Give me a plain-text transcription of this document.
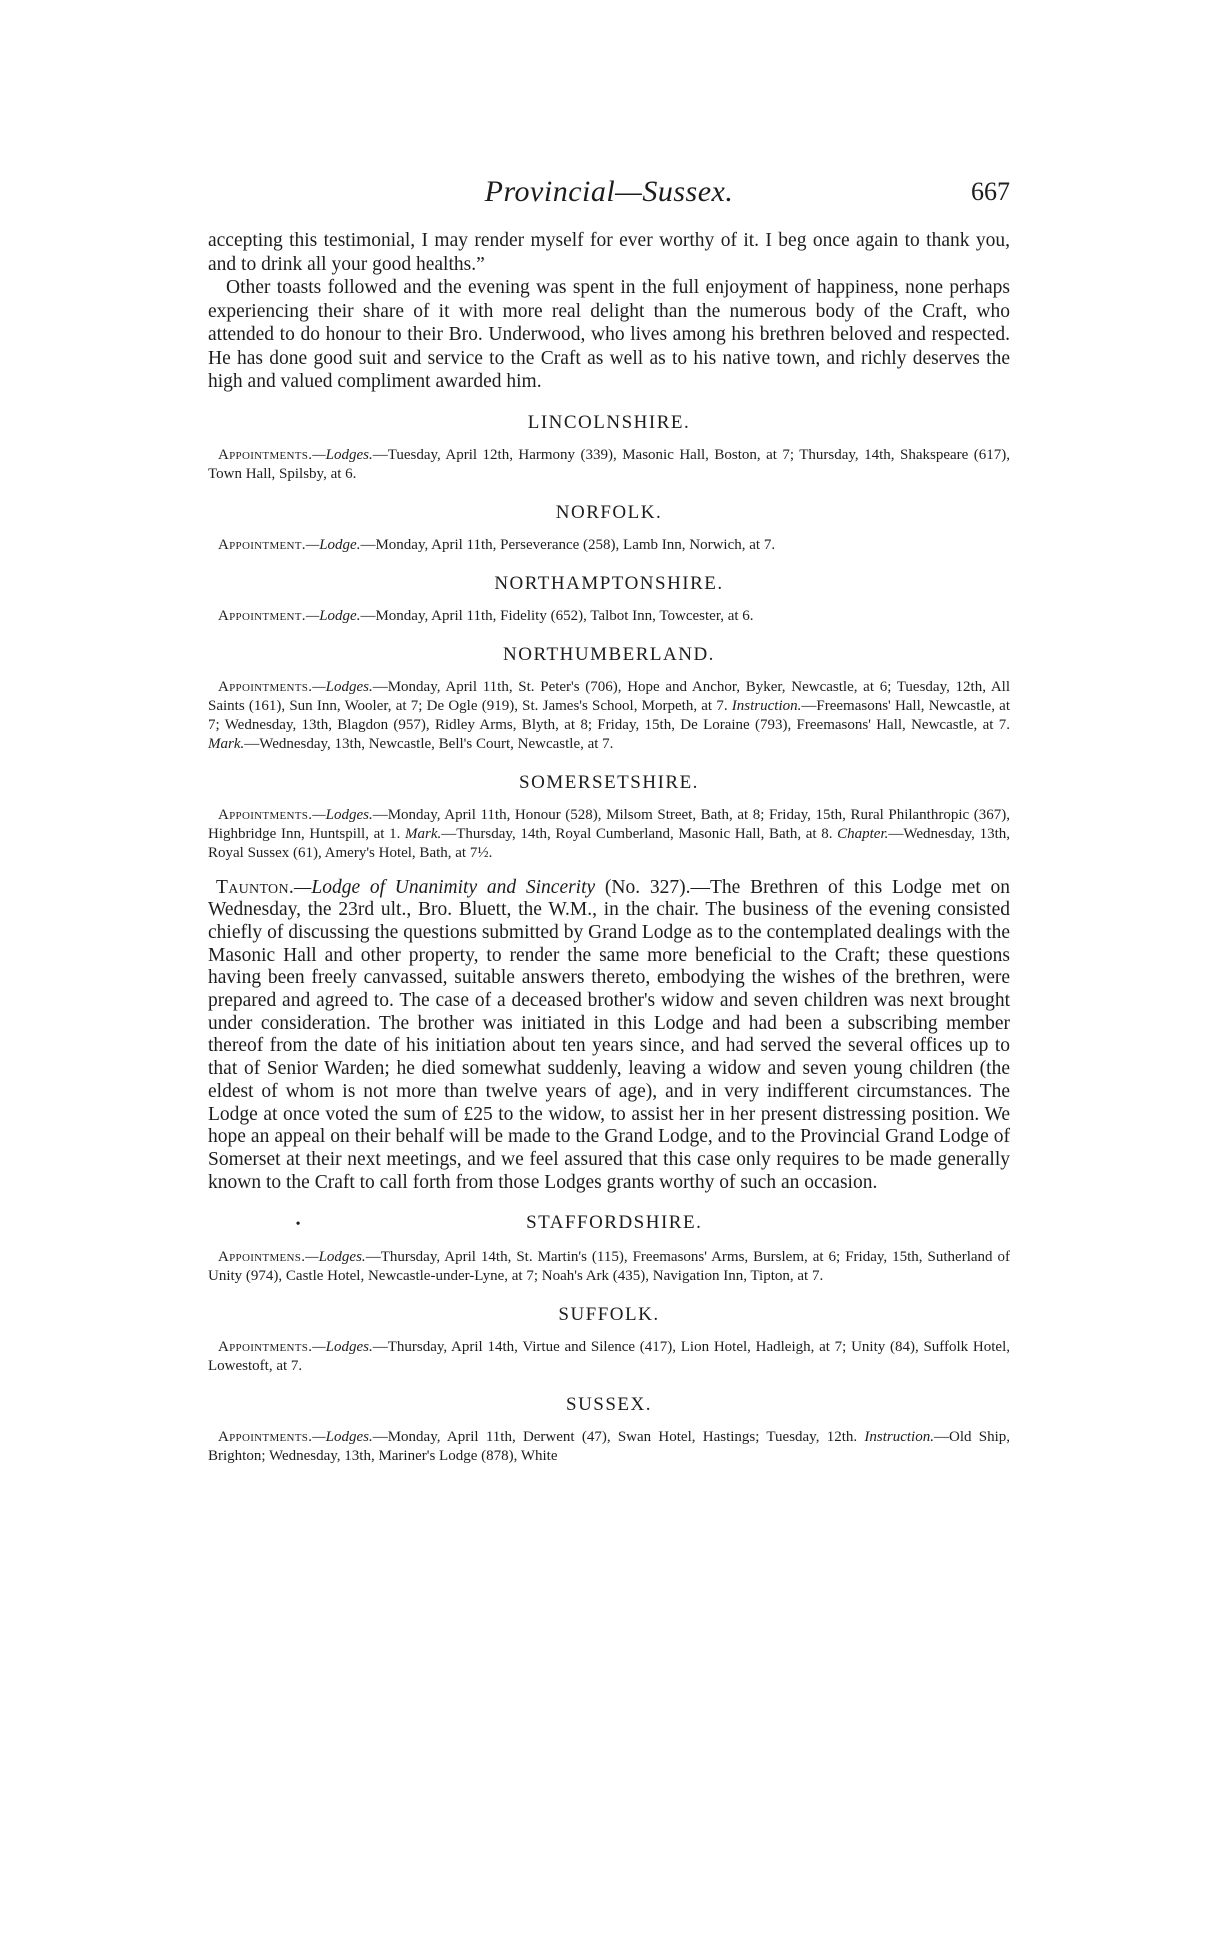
Provincial—Sussex.	667

accepting this testimonial, I may render myself for ever worthy of it. I beg once again to thank you, and to drink all your good healths.”

Other toasts followed and the evening was spent in the full enjoyment of happiness, none perhaps experiencing their share of it with more real delight than the numerous body of the Craft, who attended to do honour to their Bro. Underwood, who lives among his brethren beloved and respected. He has done good suit and service to the Craft as well as to his native town, and richly deserves the high and valued compliment awarded him.

LINCOLNSHIRE.

Appointments.—Lodges.—Tuesday, April 12th, Harmony (339), Masonic Hall, Boston, at 7; Thursday, 14th, Shakspeare (617), Town Hall, Spilsby, at 6.

NORFOLK.

Appointment.—Lodge.—Monday, April 11th, Perseverance (258), Lamb Inn, Norwich, at 7.

NORTHAMPTONSHIRE.

Appointment.—Lodge.—Monday, April 11th, Fidelity (652), Talbot Inn, Towcester, at 6.

NORTHUMBERLAND.

Appointments.—Lodges.—Monday, April 11th, St. Peter's (706), Hope and Anchor, Byker, Newcastle, at 6; Tuesday, 12th, All Saints (161), Sun Inn, Wooler, at 7; De Ogle (919), St. James's School, Morpeth, at 7. Instruction.—Freemasons' Hall, Newcastle, at 7; Wednesday, 13th, Blagdon (957), Ridley Arms, Blyth, at 8; Friday, 15th, De Loraine (793), Freemasons' Hall, Newcastle, at 7. Mark.—Wednesday, 13th, Newcastle, Bell's Court, Newcastle, at 7.

SOMERSETSHIRE.

Appointments.—Lodges.—Monday, April 11th, Honour (528), Milsom Street, Bath, at 8; Friday, 15th, Rural Philanthropic (367), Highbridge Inn, Huntspill, at 1. Mark.—Thursday, 14th, Royal Cumberland, Masonic Hall, Bath, at 8. Chapter.—Wednesday, 13th, Royal Sussex (61), Amery's Hotel, Bath, at 7½.

Taunton.—Lodge of Unanimity and Sincerity (No. 327).—The Brethren of this Lodge met on Wednesday, the 23rd ult., Bro. Bluett, the W.M., in the chair. The business of the evening consisted chiefly of discussing the questions submitted by Grand Lodge as to the contemplated dealings with the Masonic Hall and other property, to render the same more beneficial to the Craft; these questions having been freely canvassed, suitable answers thereto, embodying the wishes of the brethren, were prepared and agreed to. The case of a deceased brother's widow and seven children was next brought under consideration. The brother was initiated in this Lodge and had been a subscribing member thereof from the date of his initiation about ten years since, and had served the several offices up to that of Senior Warden; he died somewhat suddenly, leaving a widow and seven young children (the eldest of whom is not more than twelve years of age), and in very indifferent circumstances. The Lodge at once voted the sum of £25 to the widow, to assist her in her present distressing position. We hope an appeal on their behalf will be made to the Grand Lodge, and to the Provincial Grand Lodge of Somerset at their next meetings, and we feel assured that this case only requires to be made generally known to the Craft to call forth from those Lodges grants worthy of such an occasion.

•	STAFFORDSHIRE.

Appointmens.—Lodges.—Thursday, April 14th, St. Martin's (115), Freemasons' Arms, Burslem, at 6; Friday, 15th, Sutherland of Unity (974), Castle Hotel, Newcastle-under-Lyne, at 7; Noah's Ark (435), Navigation Inn, Tipton, at 7.

SUFFOLK.

Appointments.—Lodges.—Thursday, April 14th, Virtue and Silence (417), Lion Hotel, Hadleigh, at 7; Unity (84), Suffolk Hotel, Lowestoft, at 7.

SUSSEX.

Appointments.—Lodges.—Monday, April 11th, Derwent (47), Swan Hotel, Hastings; Tuesday, 12th. Instruction.—Old Ship, Brighton; Wednesday, 13th, Mariner's Lodge (878), White
